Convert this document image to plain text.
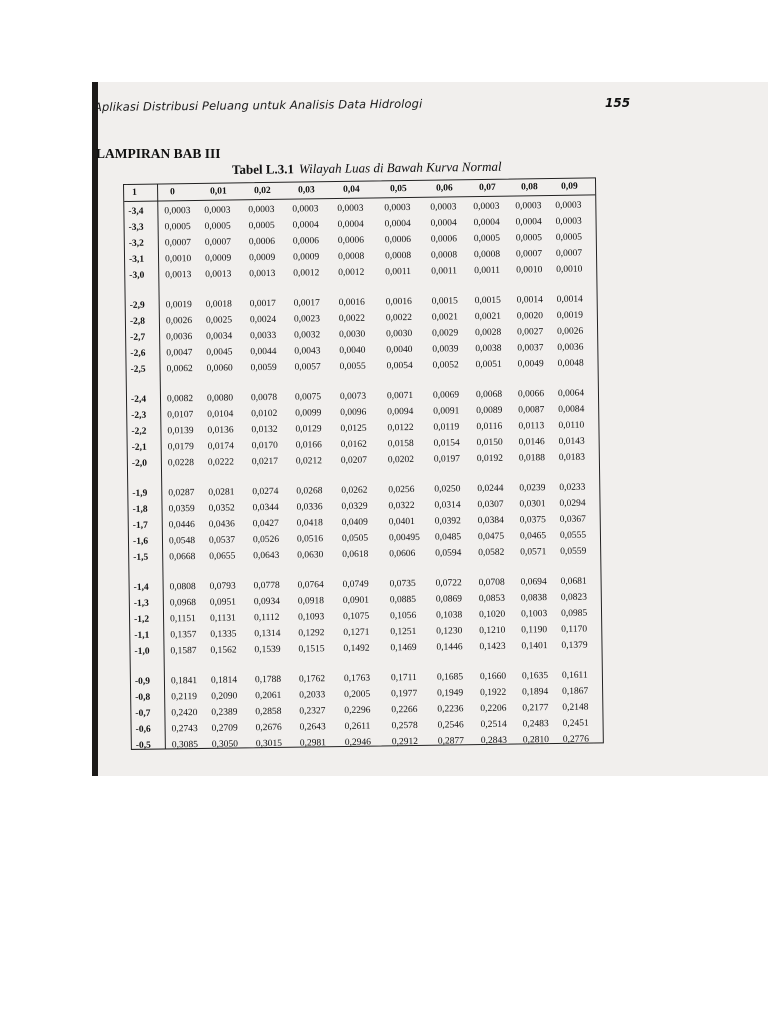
Aplikasi Distribusi Peluang untuk Analisis Data Hidrologi	155
LAMPIRAN BAB III
Tabel L.3.1 Wilayah Luas di Bawah Kurva Normal
1	0	0,01	0,02	0,03	0,04	0,05	0,06	0,07	0,08 0,09
-3,4 0,0003 0,0003 0,0003 0,0003 0,0003 0,0003 0,0003 0,0003 0,0003 0,0003
-3,3 0,0005 0,0005 0,0005 0,0004 0,0004 0,0004 0,0004 0,0004 0,0004 0,0003
-3,2 0,0007 0,0007 0,0006 0,0006 0,0006 0,0006 0,0006 0,0005 0,0005 0,0005
-3,1 0,0010 0,0009 0,0009 0,0009 0,0008 0,0008 0,0008 0,0008 0,0007 0,0007
-3,0 0,0013 0,0013 0,0013 0,0012 0,0012 0,0011 0,0011 0,0011 0,0010 0,0010
-2,9 0,0019 0,0018 0,0017 0,0017 0,0016 0,0016 0,0015 0,0015 0,0014 0,0014
-2,8 0,0026 0,0025 0,0024 0,0023 0,0022 0,0022 0,0021 0,0021 0,0020 0,0019
-2,7 0,0036 0,0034 0,0033 0,0032 0,0030 0,0030 0,0029 0,0028 0,0027 0,0026
-2,6 0,0047 0,0045 0,0044 0,0043 0,0040 0,0040 0,0039 0,0038 0,0037 0,0036
-2,5 0,0062 0,0060 0,0059 0,0057 0,0055 0,0054 0,0052 0,0051 0,0049 0,0048
-2,4 0,0082 0,0080 0,0078 0,0075 0,0073 0,0071 0,0069 0,0068 0,0066 0,0064
-2,3 0,0107 0,0104 0,0102 0,0099 0,0096 0,0094 0,0091 0,0089 0,0087 0,0084
-2,2 0,0139 0,0136 0,0132 0,0129 0,0125 0,0122 0,0119 0,0116 0,0113 0,0110
-2,1 0,0179 0,0174 0,0170 0,0166 0,0162 0,0158 0,0154 0,0150 0,0146 0,0143
-2,0 0,0228 0,0222 0,0217 0,0212 0,0207 0,0202 0,0197 0,0192 0,0188 0,0183
-1,9 0,0287 0,0281 0,0274 0,0268 0,0262 0,0256 0,0250 0,0244 0,0239 0,0233
-1,8 0,0359 0,0352 0,0344 0,0336 0,0329 0,0322 0,0314 0,0307 0,0301 0,0294
-1,7 0,0446 0,0436 0,0427 0,0418 0,0409 0,0401 0,0392 0,0384 0,0375 0,0367
-1,6 0,0548 0,0537 0,0526 0,0516 0,0505 0,00495 0,0485 0,0475 0,0465 0,0555
-1,5 0,0668 0,0655 0,0643 0,0630 0,0618 0,0606 0,0594 0,0582 0,0571 0,0559
-1,4 0,0808 0,0793 0,0778 0,0764 0,0749 0,0735 0,0722 0,0708 0,0694 0,0681
-1,3 0,0968 0,0951 0,0934 0,0918 0,0901 0,0885 0,0869 0,0853 0,0838 0,0823
-1,2 0,1151 0,1131 0,1112 0,1093 0,1075 0,1056 0,1038 0,1020 0,1003 0,0985
-1,1 0,1357 0,1335 0,1314 0,1292 0,1271 0,1251 0,1230 0,1210 0,1190 0,1170
-1,0 0,1587 0,1562 0,1539 0,1515 0,1492 0,1469 0,1446 0,1423 0,1401 0,1379
-0,9 0,1841 0,1814 0,1788 0,1762 0,1763 0,1711 0,1685 0,1660 0,1635 0,1611
-0,8 0,2119 0,2090 0,2061 0,2033 0,2005 0,1977 0,1949 0,1922 0,1894 0,1867
-0,7 0,2420 0,2389 0,2858 0,2327 0,2296 0,2266 0,2236 0,2206 0,2177 0,2148
-0,6 0,2743 0,2709 0,2676 0,2643 0,2611 0,2578 0,2546 0,2514 0,2483 0,2451
-0,5 0,3085 0,3050 0,3015 0,2981 0,2946 0,2912 0,2877 0,2843 0,2810 0,2776
